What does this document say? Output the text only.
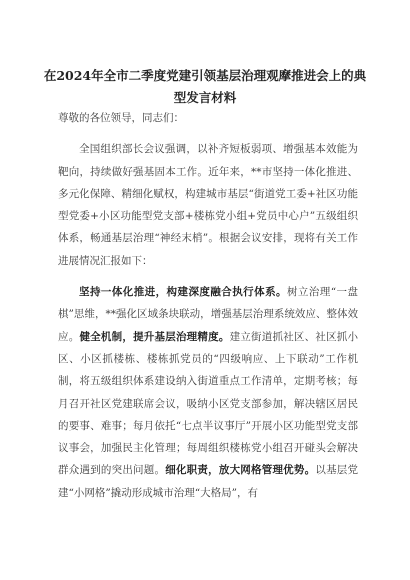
在2024年全市二季度党建引领基层治理观摩推进会上的典型发言材料

尊敬的各位领导，同志们：

全国组织部长会议强调，以补齐短板弱项、增强基本效能为靶向，持续做好强基固本工作。近年来，**市坚持一体化推进、多元化保障、精细化赋权，构建城市基层“街道党工委+社区功能型党委+小区功能型党支部+楼栋党小组+党员中心户”五级组织体系，畅通基层治理“神经末梢”。根据会议安排，现将有关工作进展情况汇报如下：

坚持一体化推进，构建深度融合执行体系。树立治理“一盘棋”思维，**强化区域条块联动，增强基层治理系统效应、整体效应。健全机制，提升基层治理精度。建立街道抓社区、社区抓小区、小区抓楼栋、楼栋抓党员的“四级响应、上下联动”工作机制，将五级组织体系建设纳入街道重点工作清单，定期考核；每月召开社区党建联席会议，吸纳小区党支部参加，解决辖区居民的要事、难事；每月依托“七点半议事厅”开展小区功能型党支部议事会，加强民主化管理；每周组织楼栋党小组召开碰头会解决群众遇到的突出问题。细化职责，放大网格管理优势。以基层党建“小网格”撬动形成城市治理“大格局”，有
